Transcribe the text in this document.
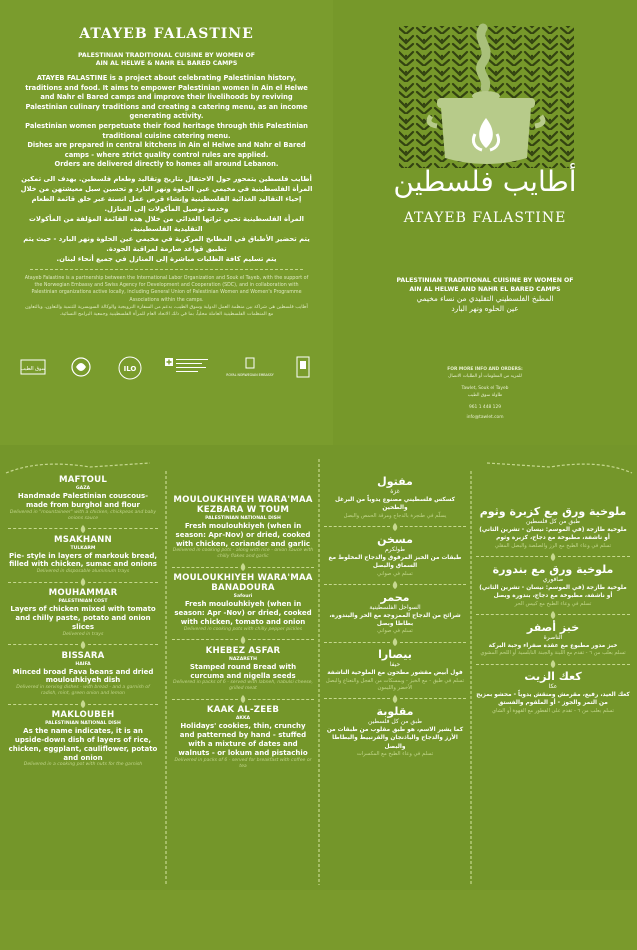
ATAYEB FALASTINE
PALESTINIAN TRADITIONAL CUISINE BY WOMEN OF
AIN AL HELWE & NAHR EL BARED CAMPS
ATAYEB FALASTINE is a project about celebrating Palestinian history, traditions and food. It aims to empower Palestinian women in Ain el Helwe and Nahr el Bared camps and improve their livelihoods by reviving Palestinian culinary traditions and creating a catering menu, as an income generating activity.
Palestinian women perpetuate their food heritage through this Palestinian traditional cuisine catering menu.
Dishes are prepared in central kitchens in Ain el Helwe and Nahr el Bared camps - where strict quality control rules are applied.
Orders are delivered directly to homes all around Lebanon.
أطايب فلسطين يتمحور حول الاحتفال بتاريخ وتقاليد وطعام فلسطين. يهدف الى تمكين المرأة الفلسطينية في مخيمي عين الحلوة ونهر البارد و تحسين سبل معيشتهن من خلال إحياء التقاليد الغذائية الفلسطينية وإنشاء قرص عمل انسنة عبر خلق قائمة الطعام وخدمة توصيل المأكولات إلى المنازل.
المرأة الفلسطينية تحيي تراثها الغذائي من خلال هذه القائمة المؤلفة من المأكولات التقليدية الفلسطينية.
يتم تحضير الأطباق في المطابخ المركزية في مخيمي عين الحلوة ونهر البارد - حيث يتم تطبيق قواعد صارمة لمراقبة الجودة.
يتم تسليم كافة الطلبات مباشرة إلى المنازل في جميع أنحاء لبنان.
Atayeb Falastine is a partnership between the International Labor Organization and Souk el Tayeb, with the support of the Norwegian Embassy and Swiss Agency for Development and Cooperation (SDC), and in collaboration with Palestinian organizations active locally, including General Union of Palestinian Women and Women's Programme Associations within the camps.
أطايب فلسطين هي شراكة بين منظمة العمل الدولية وسوق الطيب، بدعم من السفارة النرويجية والوكالة السويسرية للتنمية والتعاون، وبالتعاون مع المنظمات الفلسطينية العاملة محلياً، بما في ذلك الاتحاد العام للمرأة الفلسطينية وجمعية البرامج النسائية.
سوق الطيب	ILO
ROYAL NORWEGIAN EMBASSY
أطايب فلسطين
ATAYEB FALASTINE
PALESTINIAN TRADITIONAL CUISINE BY WOMEN OF
AIN AL HELWE AND NAHR EL BARED CAMPS
المطبخ الفلسطيني التقليدي من نساء مخيمي
عين الحلوه ونهر البارد
FOR MORE INFO AND ORDERS:
للمزيد من المعلومات أو الطلبات الاتصال
Tawlet, Souk el Tayeb
طاولة سوق الطيب
961 1 448 129
info@tawlet.com
MAFTOUL
GAZA
Handmade Palestinian couscous-made from burghol and flour
Delivered in "mountaineer" with a chicken, chickpeas and baby onions sauce
MSAKHANN
TULKARM
Pie- style in layers of markouk bread, filled with chicken, sumac and onions
Delivered in disposable aluminium trays
MOUHAMMAR
PALESTINIAN COST
Layers of chicken mixed with tomato and chilly paste, potato and onion slices
Delivered in trays
BISSARA
HAIFA
Minced broad Fava beans and dried moulouhkiyeh dish
Delivered in serving dishes - with bread - and a garnish of radish, mint, green onion and lemon
MAKLOUBEH
PALESTINIAN NATIONAL DISH
As the name indicates, it is an upside-down dish of layers of rice, chicken, eggplant, cauliflower, potato and onion
Delivered in a cooking pot with nuts for the garnish
MOULOUKHIYEH WARA'MAA KEZBARA W TOUM
PALESTINIAN NATIONAL DISH
Fresh moulouhkiyeh (when in season: Apr-Nov) or dried, cooked with chicken, coriander and garlic
Delivered in cooking pots - along with rice - onion sauce with chilly flakes and garlic
MOULOUKHIYEH WARA'MAA BANADOURA
Safouri
Fresh moulouhkiyeh (when in season: Apr -Nov) or dried, cooked with chicken, tomato and onion
Delivered in cooking pots with chilly pepper pickles
KHEBEZ ASFAR
NAZARETH
Stamped round Bread with curcuma and nigella seeds
Delivered in packs of 6 - served with labneh, nabulsi cheese, grilled meat
KAAK AL-ZEEB
AKKA
Holidays' cookies, thin, crunchy and patterned by hand - stuffed with a mixture of dates and walnuts - or lokum and pistachio
Delivered in packs of 6 - served for breakfast with coffee or tea
مفتول
غزة
كسكس فلسطيني مصنوع يدوياً من البرغل والطحين
يسلّم في طنجرة بالدجاج ومرقة الحمص والبصل
مسخن
طولكرم
طبقات من الخبز المرقوق والدجاج المخلوط مع السماق والبصل
تسلم في صواني
محمر
السواحل الفلسطينية
شرائح من الدجاج الممزوجة مع الحر والبندورة، بطاطا وبصل
تسلم في صواني
بيصارا
حيفا
فول أبيض مقشور مطحون مع الملوخية الناشفة
تسلم في طبق - مع الخبز - وبمسكات من الفجل والنعناع والبصل الأخضر والليمون
مقلوبة
طبق من كل فلسطين
كما يشير الاسم، هو طبق مقلوب من طبقات من الأرز والدجاج والباذنجان والقرنبيط والبطاطا والبصل
تسلم في وعاء الطبخ مع المكسرات
ملوخية ورق مع كزبرة وثوم
طبق من كل فلسطين
ملوخية طازجة (في الموسم: نيسان - تشرين الثاني) أو ناشفة، مطبوخة مع دجاج، كزبرة وثوم
تسلم في وعاء الطبخ مع الرز والصلصة والبصل المقلي
ملوخية ورق مع بندورة
صافوري
ملوخية طازجة (في الموسم: نيسان - تشرين الثاني) أو ناشفة، مطبوخة مع دجاج، بندورة وبصل
تسلم في وعاء الطبخ مع كبيس الحر
خبز أصفر
الناصرة
خبز مدور مطبوع مع عقدة صفراء وحبة البركة
تسلم بعلب من ٦ - تقدم مع اللبنة والجبنة النابلسية أو اللحم المشوي
كعك الزيت
عكا
كعك العيد، رفيع، مقرمش ومنقش يدوياً - محشو بمزيج من التمر والجوز - أو الملقوم والفستق
تسلم بعلب من ٦ - تقدم على الفطور مع القهوة أو الشاي
